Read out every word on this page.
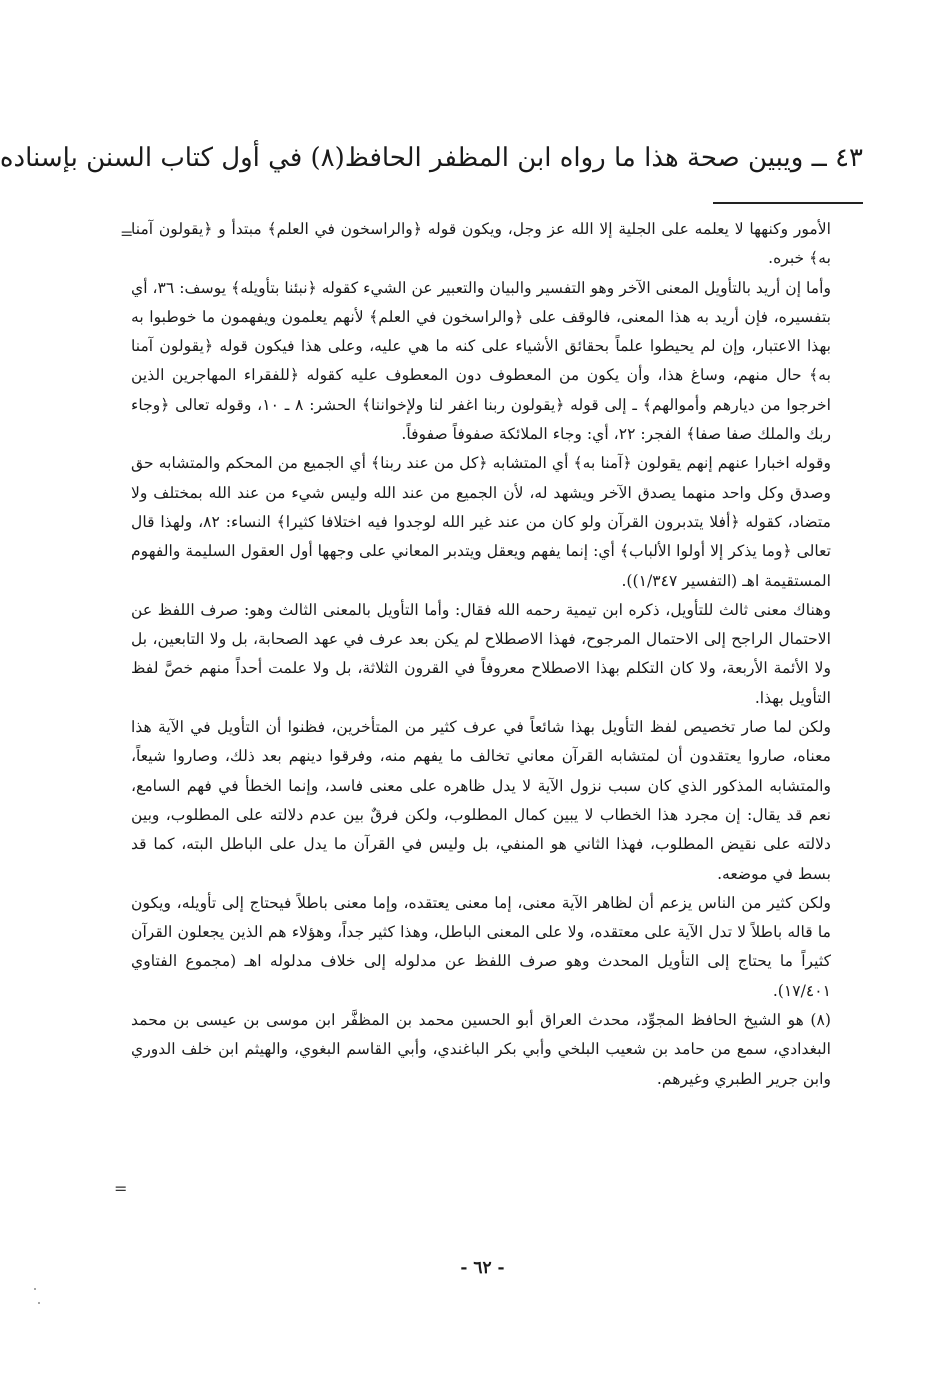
٤٣ ــ ويبين صحة هذا ما رواه ابن المظفر الحافظ(٨) في أول كتاب السنن بإسناده
=

الأمور وكنهها لا يعلمه على الجلية إلا الله عز وجل، ويكون قوله ﴿والراسخون في العلم﴾ مبتدأ و ﴿يقولون آمنا به﴾ خبره.

وأما إن أريد بالتأويل المعنى الآخر وهو التفسير والبيان والتعبير عن الشيء كقوله ﴿نبئنا بتأويله﴾ يوسف: ٣٦، أي بتفسيره، فإن أريد به هذا المعنى، فالوقف على ﴿والراسخون في العلم﴾ لأنهم يعلمون ويفهمون ما خوطبوا به بهذا الاعتبار، وإن لم يحيطوا علماً بحقائق الأشياء على كنه ما هي عليه، وعلى هذا فيكون قوله ﴿يقولون آمنا به﴾ حال منهم، وساغ هذا، وأن يكون من المعطوف دون المعطوف عليه كقوله ﴿للفقراء المهاجرين الذين اخرجوا من ديارهم وأموالهم﴾ ـ إلى قوله ﴿يقولون ربنا اغفر لنا ولإخواننا﴾ الحشر: ٨ ـ ١٠، وقوله تعالى ﴿وجاء ربك والملك صفا صفا﴾ الفجر: ٢٢، أي: وجاء الملائكة صفوفاً صفوفاً.

وقوله اخبارا عنهم إنهم يقولون ﴿آمنا به﴾ أي المتشابه ﴿كل من عند ربنا﴾ أي الجميع من المحكم والمتشابه حق وصدق وكل واحد منهما يصدق الآخر ويشهد له، لأن الجميع من عند الله وليس شيء من عند الله بمختلف ولا متضاد، كقوله ﴿أفلا يتدبرون القرآن ولو كان من عند غير الله لوجدوا فيه اختلافا كثيرا﴾ النساء: ٨٢، ولهذا قال تعالى ﴿وما يذكر إلا أولوا الألباب﴾ أي: إنما يفهم ويعقل ويتدبر المعاني على وجهها أول العقول السليمة والفهوم المستقيمة اهـ (التفسير ١/٣٤٧)).

وهناك معنى ثالث للتأويل، ذكره ابن تيمية رحمه الله فقال: وأما التأويل بالمعنى الثالث وهو: صرف اللفظ عن الاحتمال الراجح إلى الاحتمال المرجوح، فهذا الاصطلاح لم يكن بعد عرف في عهد الصحابة، بل ولا التابعين، بل ولا الأئمة الأربعة، ولا كان التكلم بهذا الاصطلاح معروفاً في القرون الثلاثة، بل ولا علمت أحداً منهم خصَّ لفظ التأويل بهذا.

ولكن لما صار تخصيص لفظ التأويل بهذا شائعاً في عرف كثير من المتأخرين، فظنوا أن التأويل في الآية هذا معناه، صاروا يعتقدون أن لمتشابه القرآن معاني تخالف ما يفهم منه، وفرقوا دينهم بعد ذلك، وصاروا شيعاً، والمتشابه المذكور الذي كان سبب نزول الآية لا يدل ظاهره على معنى فاسد، وإنما الخطأ في فهم السامع، نعم قد يقال: إن مجرد هذا الخطاب لا يبين كمال المطلوب، ولكن فرقٌ بين عدم دلالته على المطلوب، وبين دلالته على نقيض المطلوب، فهذا الثاني هو المنفي، بل وليس في القرآن ما يدل على الباطل البته، كما قد بسط في موضعه.

ولكن كثير من الناس يزعم أن لظاهر الآية معنى، إما معنى يعتقده، وإما معنى باطلاً فيحتاج إلى تأويله، ويكون ما قاله باطلاً لا تدل الآية على معتقده، ولا على المعنى الباطل، وهذا كثير جداً، وهؤلاء هم الذين يجعلون القرآن كثيراً ما يحتاج إلى التأويل المحدث وهو صرف اللفظ عن مدلوله إلى خلاف مدلوله اهـ (مجموع الفتاوي ١٧/٤٠١).

(٨) هو الشيخ الحافظ المجوِّد، محدث العراق أبو الحسين محمد بن المظفَّر ابن موسى بن عيسى بن محمد البغدادي، سمع من حامد بن شعيب البلخي وأبي بكر الباغندي، وأبي القاسم البغوي، والهيثم ابن خلف الدوري وابن جرير الطبري وغيرهم.

=
- ٦٢ -
